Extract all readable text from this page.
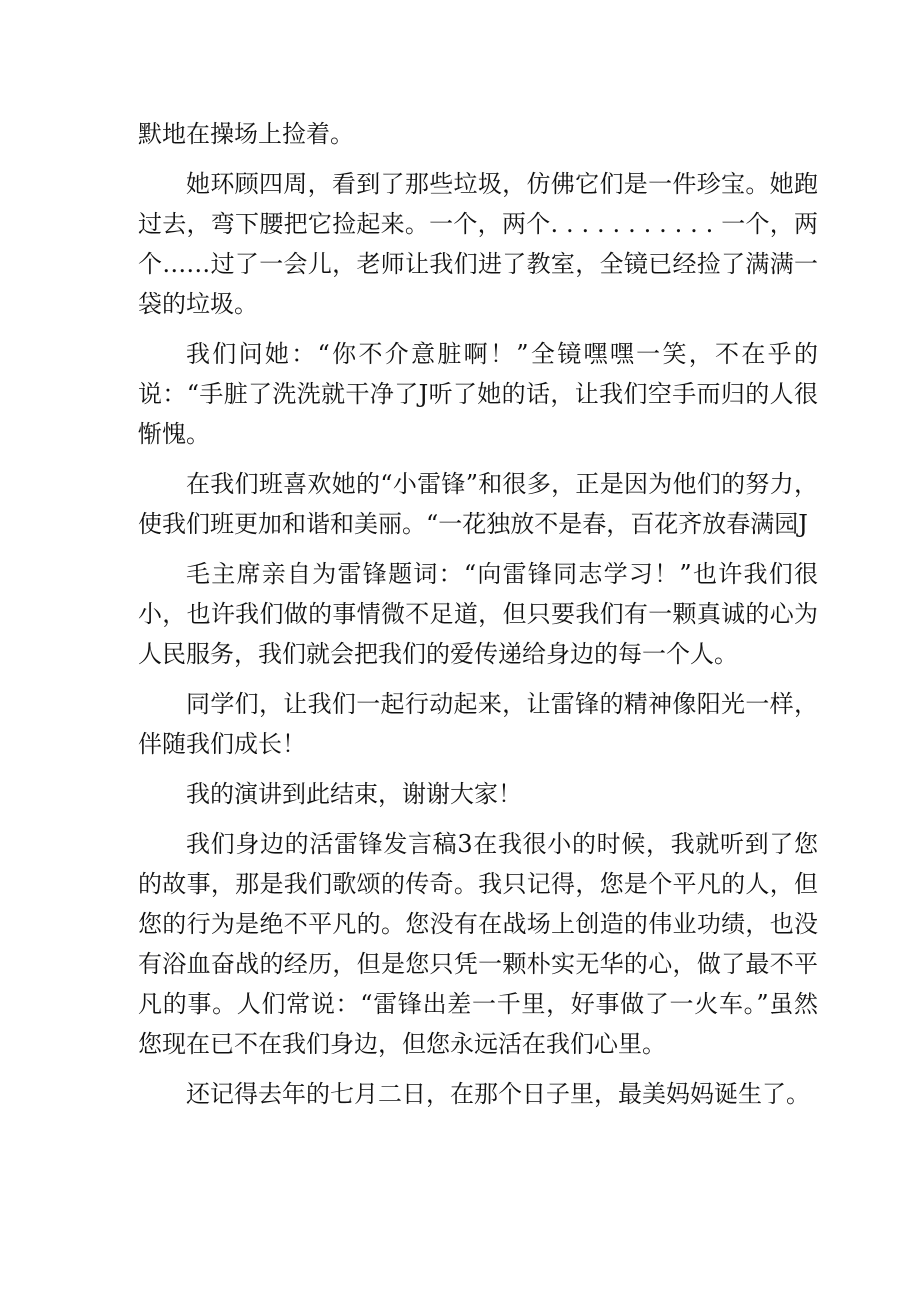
默地在操场上捡着。

她环顾四周，看到了那些垃圾，仿佛它们是一件珍宝。她跑过去，弯下腰把它捡起来。一个，两个. . . . . . . . . . . 一个，两个……过了一会儿，老师让我们进了教室，全镜已经捡了满满一袋的垃圾。

我们问她：“你不介意脏啊！”全镜嘿嘿一笑，不在乎的说：“手脏了洗洗就干净了J听了她的话，让我们空手而归的人很惭愧。

在我们班喜欢她的“小雷锋”和很多，正是因为他们的努力，使我们班更加和谐和美丽。“一花独放不是春，百花齐放春满园J

毛主席亲自为雷锋题词：“向雷锋同志学习！”也许我们很小，也许我们做的事情微不足道，但只要我们有一颗真诚的心为人民服务，我们就会把我们的爱传递给身边的每一个人。

同学们，让我们一起行动起来，让雷锋的精神像阳光一样，伴随我们成长！

我的演讲到此结束，谢谢大家！

我们身边的活雷锋发言稿3在我很小的时候，我就听到了您的故事，那是我们歌颂的传奇。我只记得，您是个平凡的人，但您的行为是绝不平凡的。您没有在战场上创造的伟业功绩，也没有浴血奋战的经历，但是您只凭一颗朴实无华的心，做了最不平凡的事。人们常说：“雷锋出差一千里，好事做了一火车。”虽然您现在已不在我们身边，但您永远活在我们心里。

还记得去年的七月二日，在那个日子里，最美妈妈诞生了。
